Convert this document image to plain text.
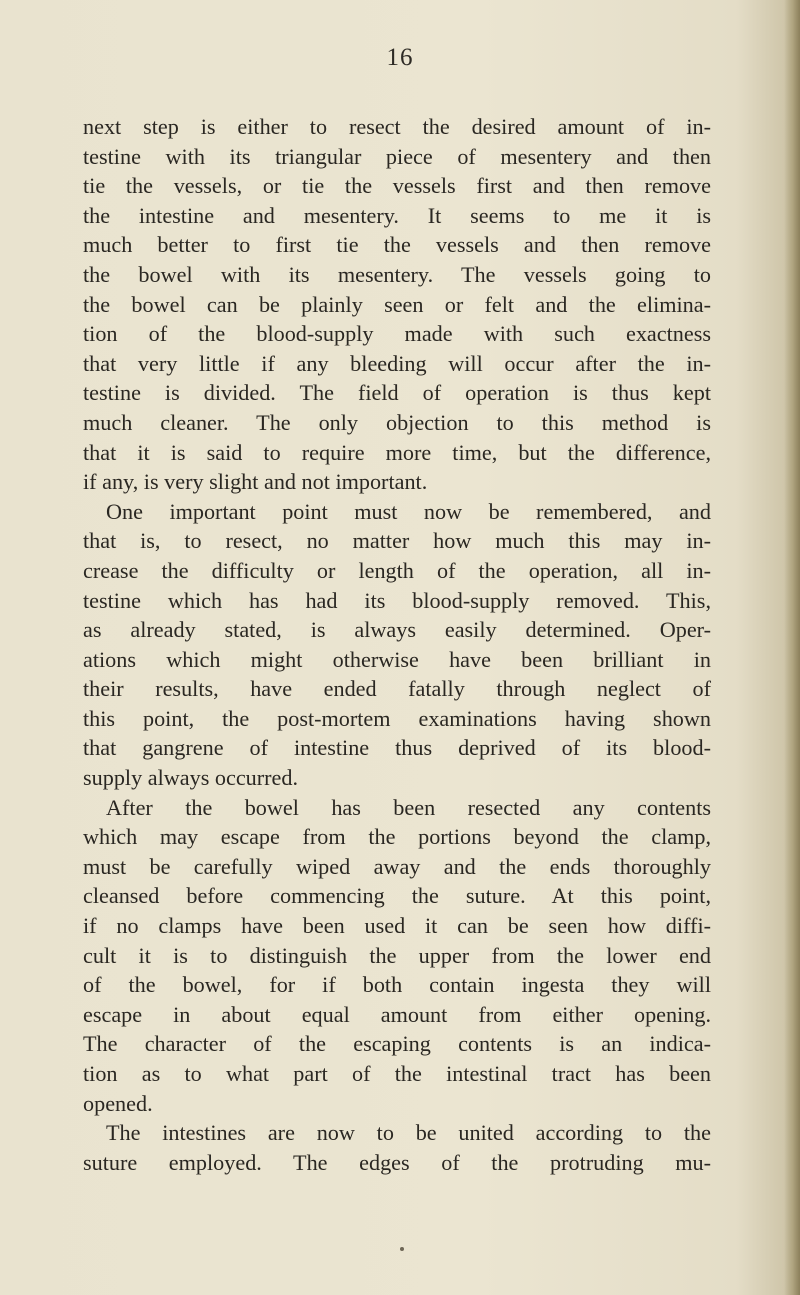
16

next step is either to resect the desired amount of in-
testine with its triangular piece of mesentery and then
tie the vessels, or tie the vessels first and then remove
the intestine and mesentery. It seems to me it is
much better to first tie the vessels and then remove
the bowel with its mesentery. The vessels going to
the bowel can be plainly seen or felt and the elimina-
tion of the blood-supply made with such exactness
that very little if any bleeding will occur after the in-
testine is divided. The field of operation is thus kept
much cleaner. The only objection to this method is
that it is said to require more time, but the difference,
if any, is very slight and not important.

One important point must now be remembered, and
that is, to resect, no matter how much this may in-
crease the difficulty or length of the operation, all in-
testine which has had its blood-supply removed. This,
as already stated, is always easily determined. Oper-
ations which might otherwise have been brilliant in
their results, have ended fatally through neglect of
this point, the post-mortem examinations having shown
that gangrene of intestine thus deprived of its blood-
supply always occurred.

After the bowel has been resected any contents
which may escape from the portions beyond the clamp,
must be carefully wiped away and the ends thoroughly
cleansed before commencing the suture. At this point,
if no clamps have been used it can be seen how diffi-
cult it is to distinguish the upper from the lower end
of the bowel, for if both contain ingesta they will
escape in about equal amount from either opening.
The character of the escaping contents is an indica-
tion as to what part of the intestinal tract has been
opened.

The intestines are now to be united according to the
suture employed. The edges of the protruding mu-
